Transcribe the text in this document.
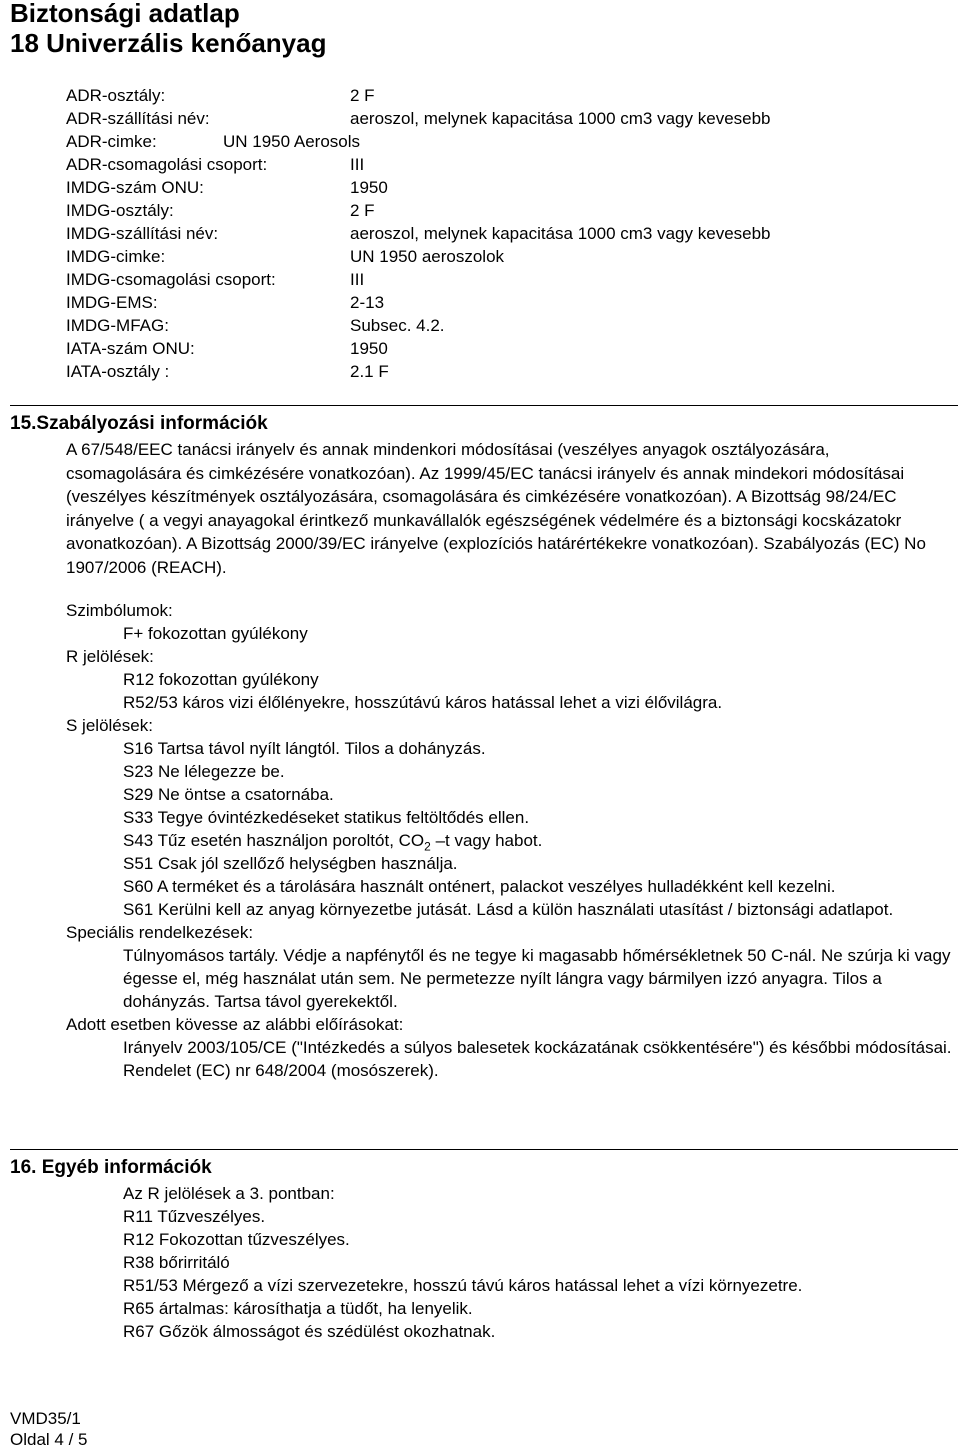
Biztonsági adatlap
18 Univerzális kenőanyag
ADR-osztály:	2 F
ADR-szállítási név:	aeroszol, melynek kapacitása 1000 cm3 vagy kevesebb
ADR-cimke:	UN 1950 Aerosols
ADR-csomagolási csoport:	III
IMDG-szám ONU:	1950
IMDG-osztály:	2 F
IMDG-szállítási név:	aeroszol, melynek kapacitása 1000 cm3 vagy kevesebb
IMDG-cimke:	UN 1950 aeroszolok
IMDG-csomagolási csoport:	III
IMDG-EMS:	2-13
IMDG-MFAG:	Subsec. 4.2.
IATA-szám ONU:	1950
IATA-osztály :	2.1 F
15.Szabályozási információk

A 67/548/EEC tanácsi irányelv és annak mindenkori módosításai (veszélyes anyagok osztályozására, csomagolására és cimkézésére vonatkozóan). Az 1999/45/EC tanácsi irányelv és annak mindekori módosításai (veszélyes készítmények osztályozására, csomagolására és cimkézésére vonatkozóan). A Bizottság 98/24/EC irányelve ( a vegyi anayagokal érintkező munkavállalók egészségének védelmére és a biztonsági kocskázatokr avonatkozóan). A Bizottság 2000/39/EC irányelve (explozíciós határértékekre vonatkozóan). Szabályozás (EC) No 1907/2006 (REACH).

Szimbólumok:

F+ fokozottan gyúlékony

R jelölések:

R12 fokozottan gyúlékony

R52/53 káros vizi élőlényekre, hosszútávú káros hatással lehet a vizi élővilágra.

S jelölések:

S16 Tartsa távol nyílt lángtól. Tilos a dohányzás.

S23 Ne lélegezze be.

S29 Ne öntse a csatornába.

S33 Tegye óvintézkedéseket statikus feltöltődés ellen.

S43 Tűz esetén használjon poroltót, $CO_2$ –t vagy habot.

S51 Csak jól szellőző helységben használja.

S60 A terméket és a tárolására használt onténert, palackot veszélyes hulladékként kell kezelni.

S61 Kerülni kell az anyag környezetbe jutását. Lásd a külön használati utasítást / biztonsági adatlapot.

Speciális rendelkezések:

Túlnyomásos tartály. Védje a napfénytől és ne tegye ki magasabb hőmérsékletnek 50 C-nál. Ne szúrja ki vagy égesse el, még használat után sem. Ne permetezze nyílt lángra vagy bármilyen izzó anyagra. Tilos a dohányzás. Tartsa távol gyerekektől.

Adott esetben kövesse az alábbi előírásokat:

Irányelv 2003/105/CE ("Intézkedés a súlyos balesetek kockázatának csökkentésére") és későbbi módosításai.

Rendelet (EC) nr 648/2004 (mosószerek).

16. Egyéb információk

Az R jelölések a 3. pontban:

R11 Tűzveszélyes.

R12 Fokozottan tűzveszélyes.

R38 bőrirritáló

R51/53 Mérgező a vízi szervezetekre, hosszú távú káros hatással lehet a vízi környezetre.

R65 ártalmas: károsíthatja a tüdőt, ha lenyelik.

R67 Gőzök álmosságot és szédülést okozhatnak.

VMD35/1
Oldal 4 / 5
